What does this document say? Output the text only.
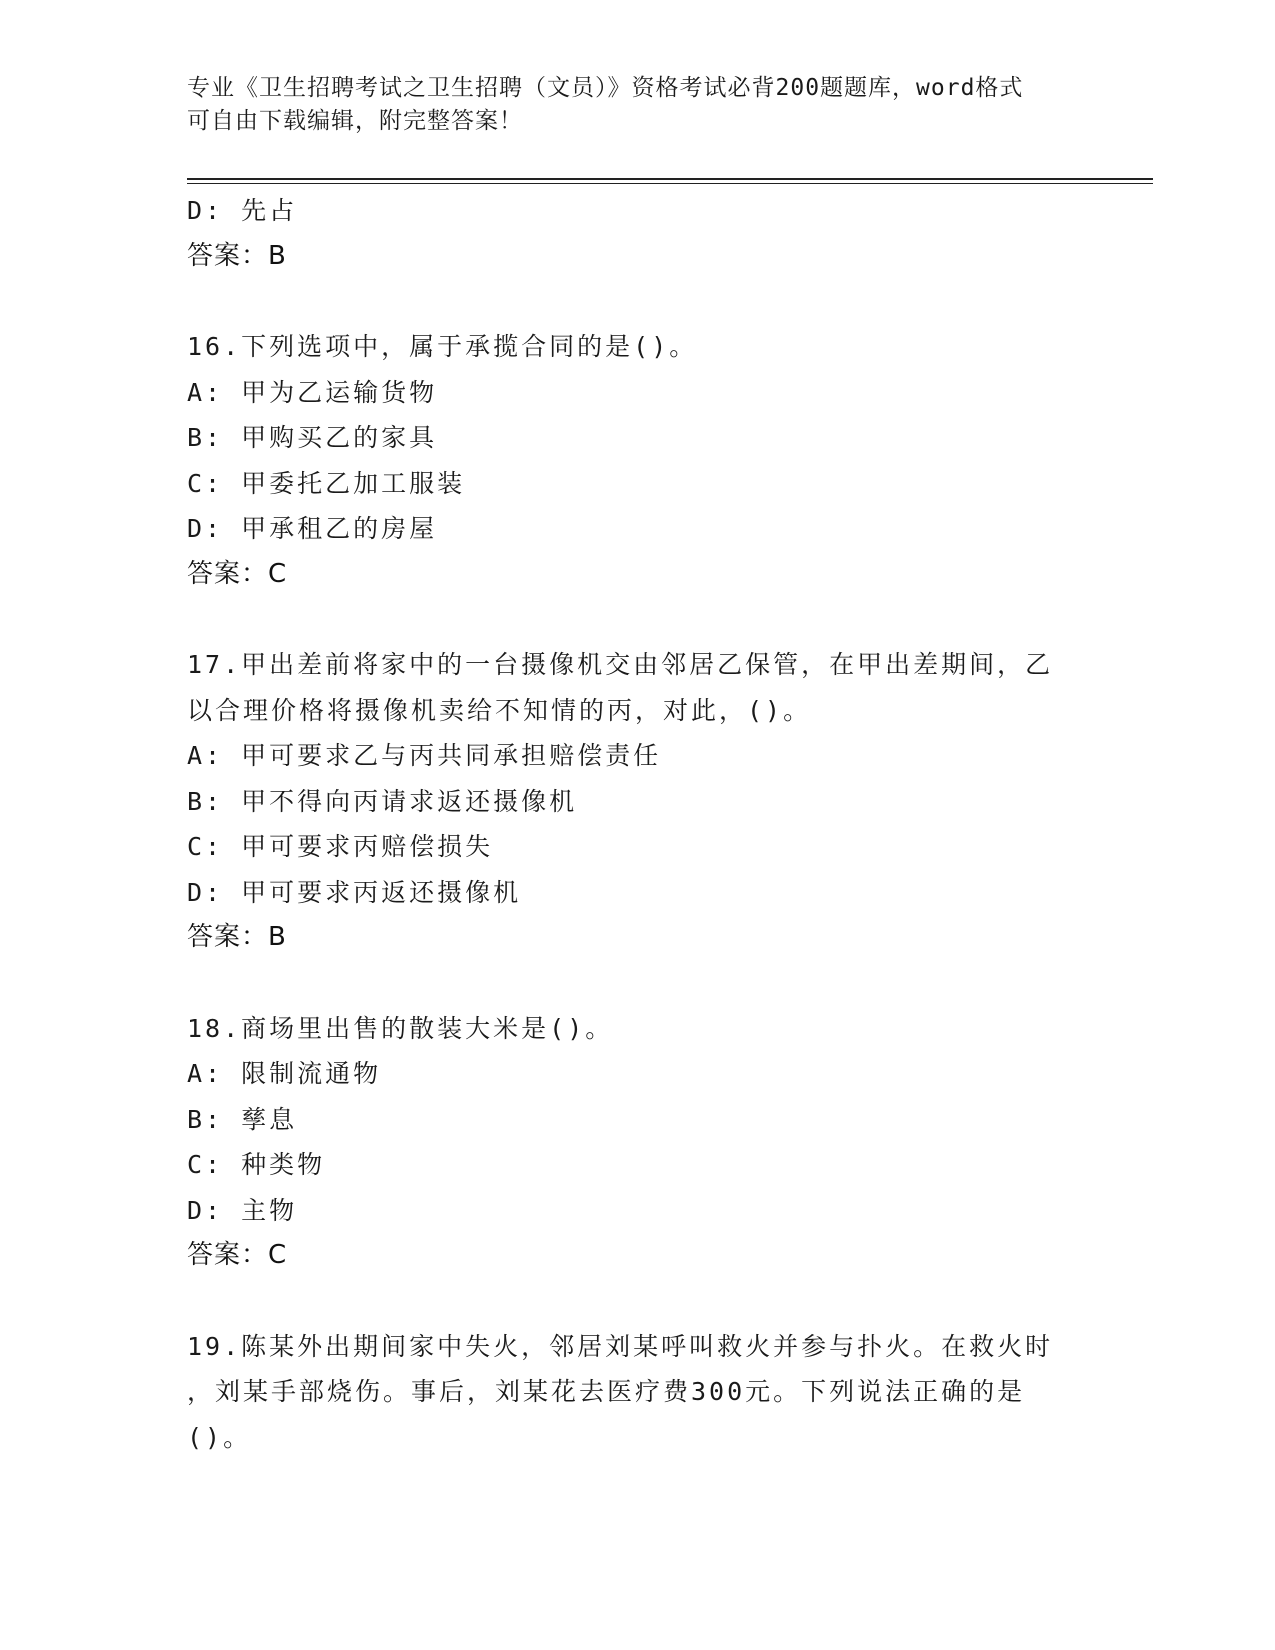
专业《卫生招聘考试之卫生招聘（文员）》资格考试必背200题题库，word格式
可自由下载编辑，附完整答案！
D: 先占
答案：B
16.下列选项中，属于承揽合同的是()。
A: 甲为乙运输货物
B: 甲购买乙的家具
C: 甲委托乙加工服装
D: 甲承租乙的房屋
答案：C
17.甲出差前将家中的一台摄像机交由邻居乙保管，在甲出差期间，乙
以合理价格将摄像机卖给不知情的丙，对此，()。
A: 甲可要求乙与丙共同承担赔偿责任
B: 甲不得向丙请求返还摄像机
C: 甲可要求丙赔偿损失
D: 甲可要求丙返还摄像机
答案：B
18.商场里出售的散装大米是()。
A: 限制流通物
B: 孳息
C: 种类物
D: 主物
答案：C
19.陈某外出期间家中失火，邻居刘某呼叫救火并参与扑火。在救火时
，刘某手部烧伤。事后，刘某花去医疗费300元。下列说法正确的是
()。
